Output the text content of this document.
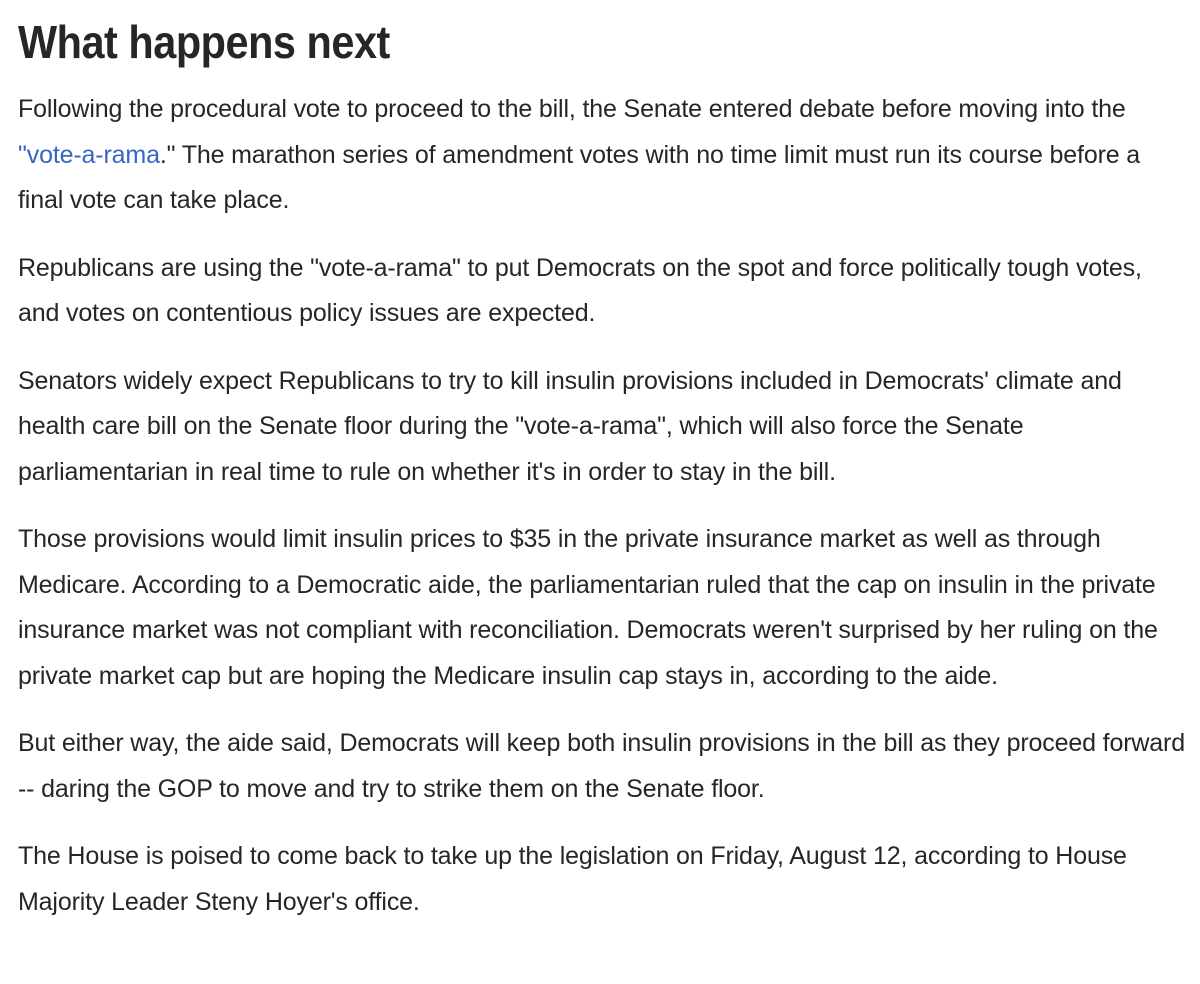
What happens next

Following the procedural vote to proceed to the bill, the Senate entered debate before moving into the "vote-a-rama." The marathon series of amendment votes with no time limit must run its course before a final vote can take place.

Republicans are using the "vote-a-rama" to put Democrats on the spot and force politically tough votes, and votes on contentious policy issues are expected.

Senators widely expect Republicans to try to kill insulin provisions included in Democrats' climate and health care bill on the Senate floor during the "vote-a-rama", which will also force the Senate parliamentarian in real time to rule on whether it's in order to stay in the bill.

Those provisions would limit insulin prices to $35 in the private insurance market as well as through Medicare. According to a Democratic aide, the parliamentarian ruled that the cap on insulin in the private insurance market was not compliant with reconciliation. Democrats weren't surprised by her ruling on the private market cap but are hoping the Medicare insulin cap stays in, according to the aide.

But either way, the aide said, Democrats will keep both insulin provisions in the bill as they proceed forward -- daring the GOP to move and try to strike them on the Senate floor.

The House is poised to come back to take up the legislation on Friday, August 12, according to House Majority Leader Steny Hoyer's office.
